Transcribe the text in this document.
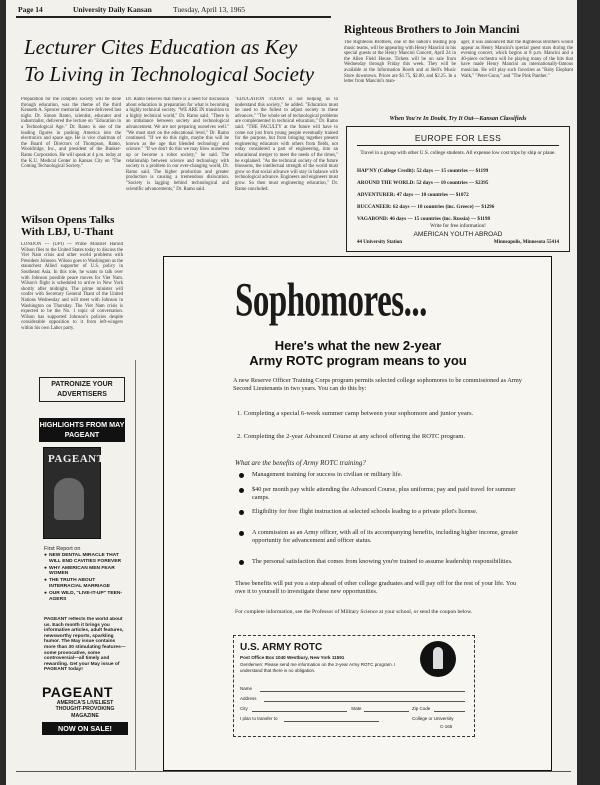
Page 14	University Daily Kansan	Tuesday, April 13, 1965
Lecturer Cites Education as Key
To Living in Technological Society
Preparation for the complex society will be done through education, was the theme of the third Kenneth A. Spencer memorial lecture delivered last night. Dr. Simon Ramo, scientist, educator and industrialist, delivered the lecture on "Education in a Technological Age." Dr. Ramo is one of the leading figures in pushing America into the electronics and space age. He is vice chairman of the Board of Directors of Thompson, Ramo, Wooldridge, Inc., and president of the Bunker-Ramo Corporation. He will speak at 4 p.m. today at the K.U. Medical Center in Kansas City on "The Coming Technological Society."
Dr. Ramo believes that there is a need for discussion about education in preparation for what is becoming a highly technical society. "WE ARE IN transition to a highly technical world," Dr. Ramo said. "There is an imbalance between society and technological advancement. We are not preparing ourselves well." "We must start on the educational level," Dr. Ramo continued. "If we do this right, maybe this will be known as the age that blended technology and science." "If we don't do this we may blow ourselves up or become a robot society," he said. The relationship between science and technology with society is a problem in our ever-changing world, Dr. Ramo said. The higher production and greater production is causing a tremendous dislocation. "Society is lagging behind technological and scientific advancements," Dr. Ramo said.
"EDUCATION TODAY is not helping us to understand this society," he added. "Education must be used to the fullest to adjust society to these advances." "The whole set of technological problems are complemented in technical education," Dr. Ramo said. "THE FACULTY at the future will have to come not just from young people eventually trained for the purpose, but from bringing together present engineering educators with others from fields, not today considered a part of engineering, into an educational merger to meet the needs of the times," he explained. "As the technical society of the future blossoms, the intellectual strength of the world must grow so that social advance will stay in balance with technological advance. Engineers and engineers must grow. So then must engineering education," Dr. Ramo concluded.
Wilson Opens Talks With LBJ, U-Thant
LONDON — (UPI) — Prime Minister Harold Wilson flies to the United States today to discuss the Viet Nam crisis and other world problems with President Johnson. Wilson goes to Washington as the staunchest Allied supporter of U.S. policy in Southeast Asia. In this role, he wants to talk over with Johnson possible peace moves for Viet Nam. Wilson's flight is scheduled to arrive in New York shortly after midnight. The prime minister will confer with Secretary General Thant of the United Nations Wednesday and will meet with Johnson in Washington on Thursday. The Viet Nam crisis is expected to be the No. 1 topic of conversation. Wilson has supported Johnson's policies despite considerable opposition to it from left-wingers within his own Labor party.
PATRONIZE YOUR ADVERTISERS
HIGHLIGHTS FROM MAY PAGEANT
PAGEANT
First Report on
● NEW DENTAL MIRACLE THAT WILL END CAVITIES FOREVER
● WHY AMERICAN MEN FEAR WOMEN
● THE TRUTH ABOUT INTERRACIAL MARRIAGE
● OUR WILD, "LIVE-IT-UP" TEEN-AGERS
PAGEANT reflects the world about us. Each month it brings you informative articles, adult features, newsworthy reports, sparkling humor. The May issue contains more than 30 stimulating features—some provocative, some controversial—all timely and rewarding. Get your May issue of PAGEANT today!
PAGEANT
AMERICA'S LIVELIEST
THOUGHT-PROVOKING
MAGAZINE
NOW ON SALE!
Righteous Brothers to Join Mancini
The Righteous Brothers, one of the nation's leading pop music teams, will be appearing with Henry Mancini in his special guests at the Henry Mancini Concert, April 24 in the Allen Field House. Tickets will be on sale from Wednesday through Friday this week. They will be available at the Information Booth and at Bell's Music Store downtown. Prices are $1.75, $2.00, and $2.25. In a letter from Mancini's man-
ager, it was announced that the Righteous Brothers would appear as Henry Mancini's special guest stars during the evening concert, which begins at 8 p.m. Mancini and a 40-piece orchestra will be playing many of the hits that have made Henry Mancini an internationally-famous musician. He will play such favorites as "Baby Elephant Walk," "Peter Gunn," and "The Pink Panther."
When You're In Doubt, Try It Out—Kansan Classifieds
EUROPE FOR LESS
Travel in a group with other U.S. college students. All expense low cost trips by ship or plane.
HAP'NY (College Credit): 52 days — 15 countries — $1199
AROUND THE WORLD: 52 days — 10 countries — $2395
ADVENTURER: 47 days — 10 countries — $1072
BUCCANEER: 62 days — 10 countries (inc. Greece) — $1296
VAGABOND: 46 days — 15 countries (inc. Russia) — $1198
Write for free information!
AMERICAN YOUTH ABROAD
44 University Station	Minneapolis, Minnesota 55414
Sophomores...
Here's what the new 2-year
Army ROTC program means to you
A new Reserve Officer Training Corps program permits selected college sophomores to be commissioned as Army Second Lieutenants in two years. You can do this by:
1. Completing a special 6-week summer camp between your sophomore and junior years.
2. Completing the 2-year Advanced Course at any school offering the ROTC program.
What are the benefits of Army ROTC training?
Management training for success in civilian or military life.
$40 per month pay while attending the Advanced Course, plus uniforms; pay and paid travel for summer camps.
Eligibility for free flight instruction at selected schools leading to a private pilot's license.
A commission as an Army officer, with all of its accompanying benefits, including higher income, greater opportunity for advancement and officer status.
The personal satisfaction that comes from knowing you're trained to assume leadership responsibilities.
These benefits will put you a step ahead of other college graduates and will pay off for the rest of your life. You owe it to yourself to investigate these new opportunities.
For complete information, see the Professor of Military Science at your school, or send the coupon below.
U.S. ARMY ROTC
Post Office Box 1040 Westbury, New York 11591
Gentlemen: Please send me information on the 2-year Army ROTC program. I understand that there is no obligation.
Name
Address
City	State	Zip Code
I plan to transfer to	College or University
C-165
